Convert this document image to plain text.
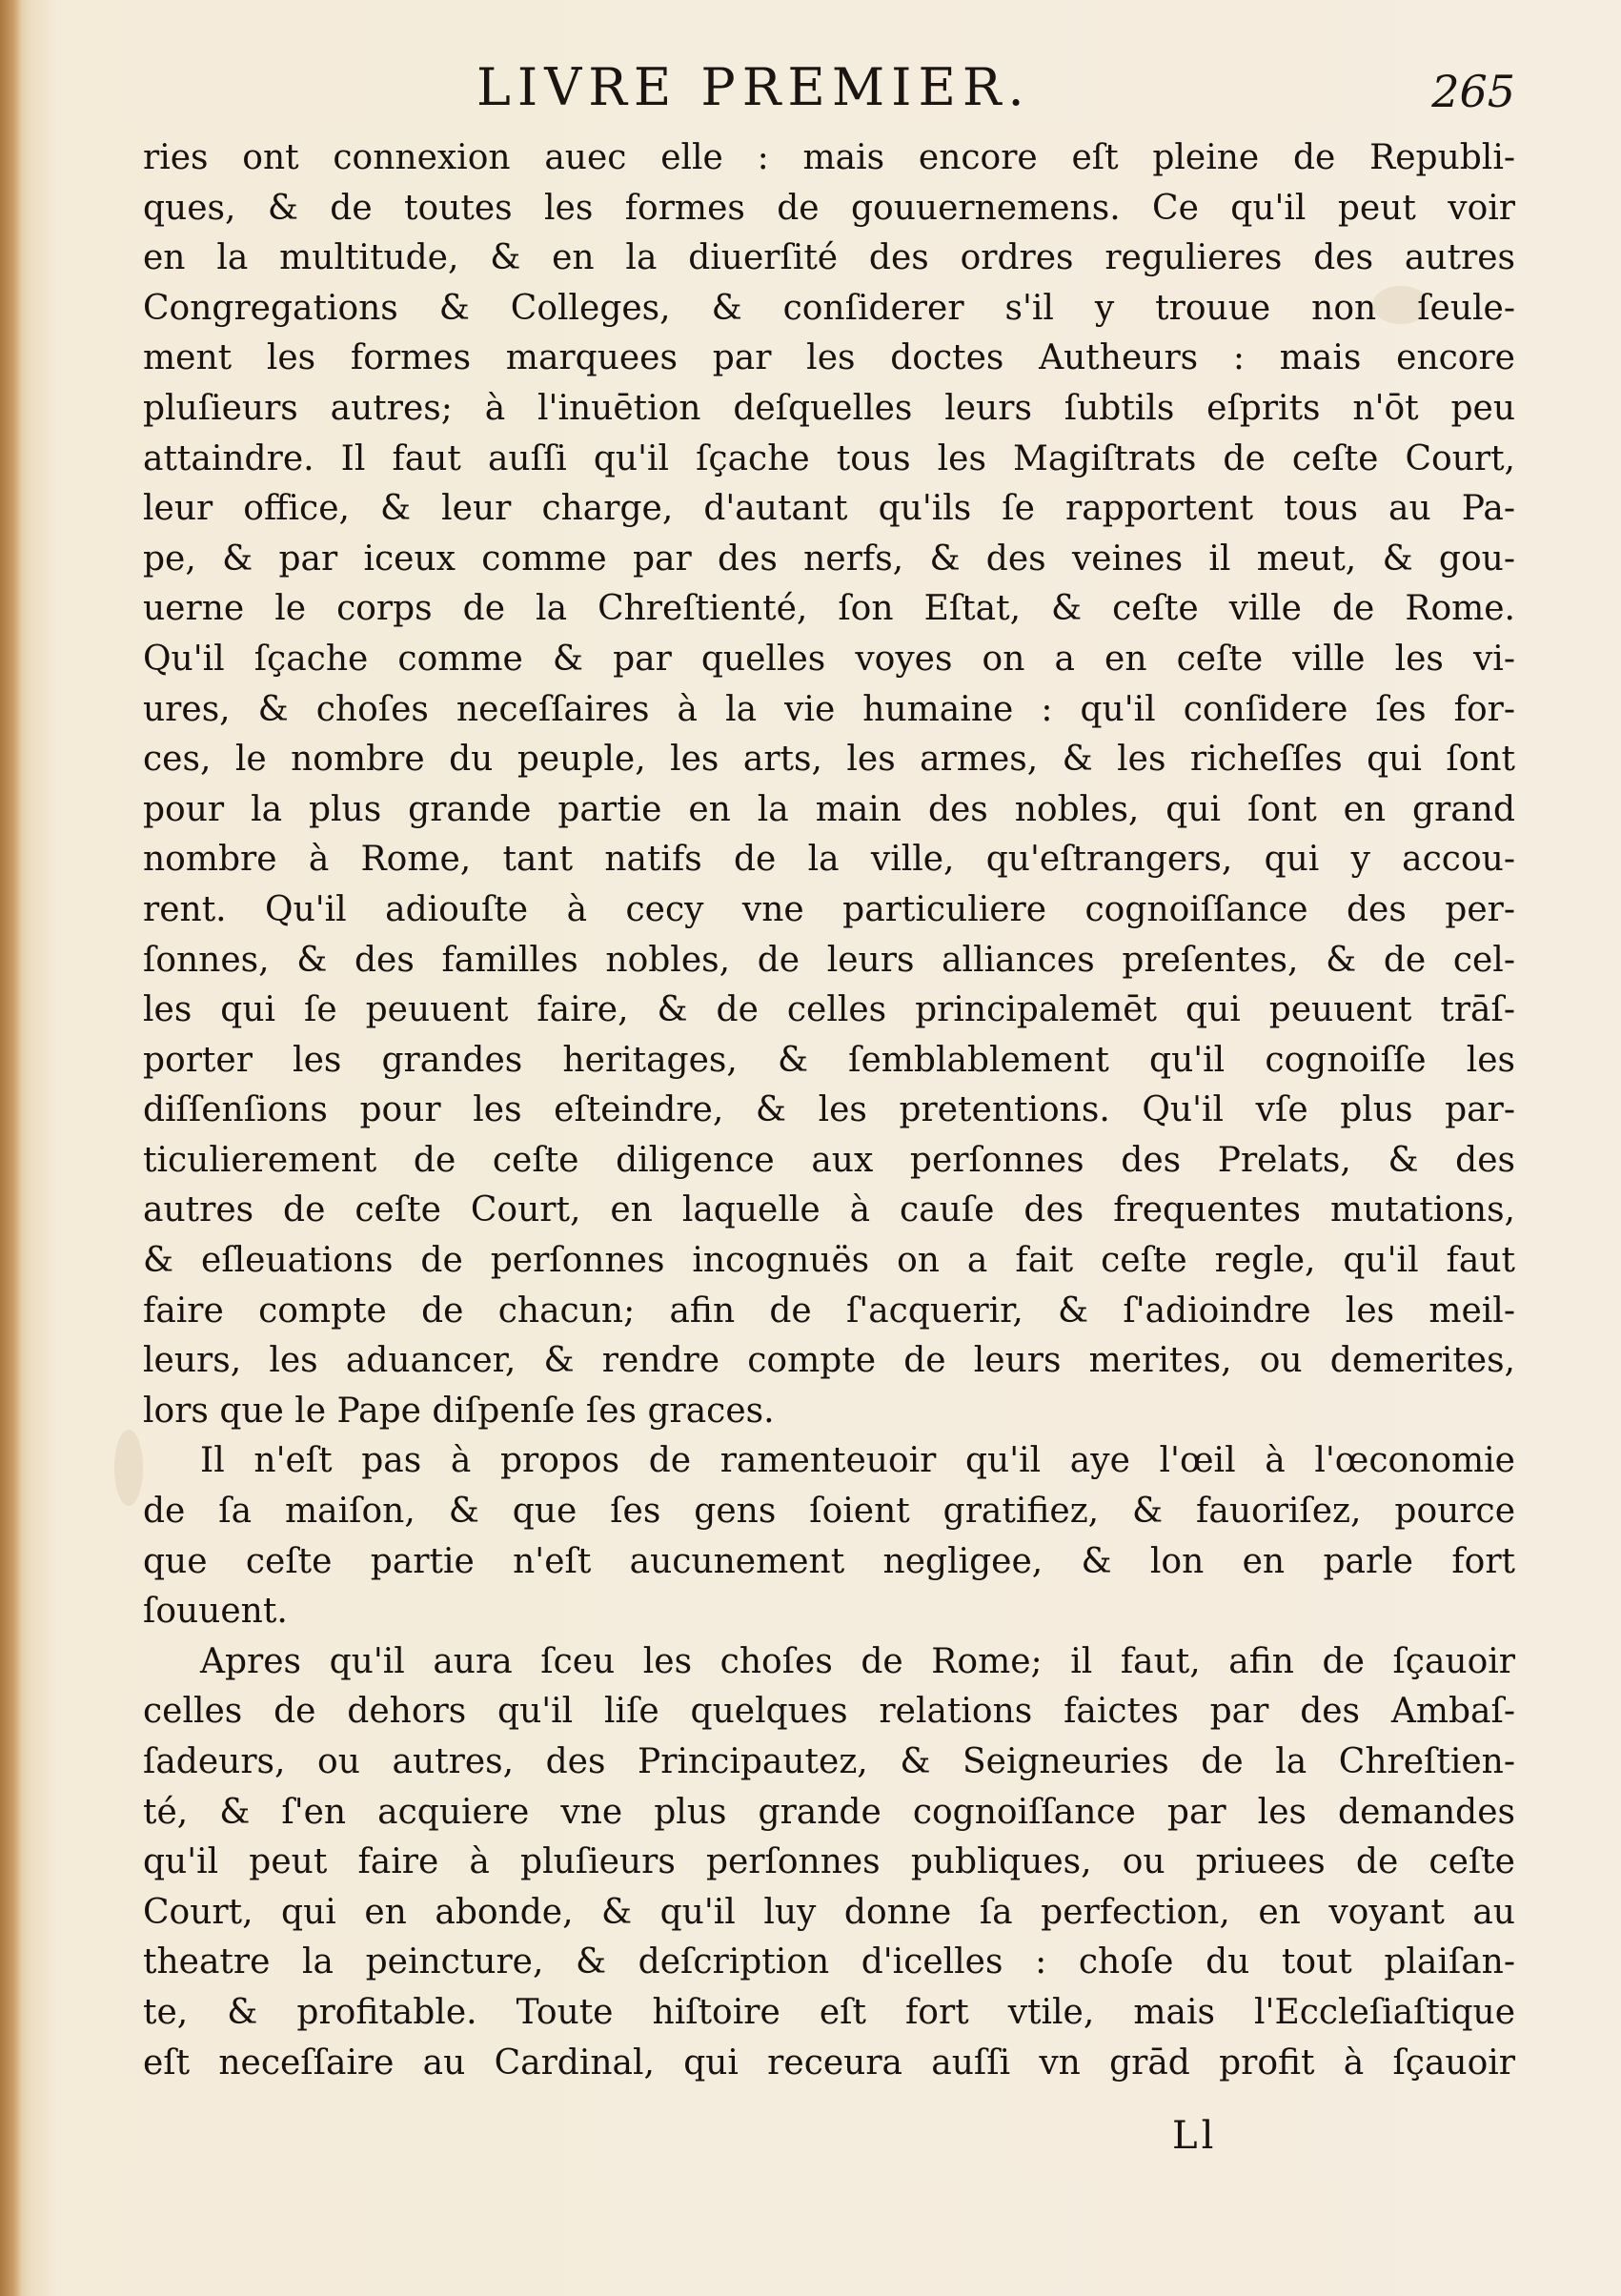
LIVRE PREMIER.	265
ries ont connexion auec elle : mais encore eſt pleine de Republi-
ques, & de toutes les formes de gouuernemens. Ce qu'il peut voir
en la multitude, & en la diuerſité des ordres regulieres des autres
Congregations & Colleges, & conſiderer s'il y trouue non ſeule-
ment les formes marquees par les doctes Autheurs : mais encore
pluſieurs autres; à l'inuētion deſquelles leurs ſubtils eſprits n'ōt peu
attaindre. Il faut auſſi qu'il ſçache tous les Magiſtrats de ceſte Court,
leur office, & leur charge, d'autant qu'ils ſe rapportent tous au Pa-
pe, & par iceux comme par des nerfs, & des veines il meut, & gou-
uerne le corps de la Chreſtienté, ſon Eſtat, & ceſte ville de Rome.
Qu'il ſçache comme & par quelles voyes on a en ceſte ville les vi-
ures, & choſes neceſſaires à la vie humaine : qu'il conſidere ſes for-
ces, le nombre du peuple, les arts, les armes, & les richeſſes qui ſont
pour la plus grande partie en la main des nobles, qui ſont en grand
nombre à Rome, tant natifs de la ville, qu'eſtrangers, qui y accou-
rent. Qu'il adiouſte à cecy vne particuliere cognoiſſance des per-
ſonnes, & des familles nobles, de leurs alliances preſentes, & de cel-
les qui ſe peuuent faire, & de celles principalemēt qui peuuent trāſ-
porter les grandes heritages, & ſemblablement qu'il cognoiſſe les
diſſenſions pour les eſteindre, & les pretentions. Qu'il vſe plus par-
ticulierement de ceſte diligence aux perſonnes des Prelats, & des
autres de ceſte Court, en laquelle à cauſe des frequentes mutations,
& eſleuations de perſonnes incognuës on a fait ceſte regle, qu'il faut
faire compte de chacun; afin de ſ'acquerir, & ſ'adioindre les meil-
leurs, les aduancer, & rendre compte de leurs merites, ou demerites,
lors que le Pape diſpenſe ſes graces.
Il n'eſt pas à propos de ramenteuoir qu'il aye l'œil à l'œconomie
de ſa maiſon, & que ſes gens ſoient gratifiez, & fauoriſez, pource
que ceſte partie n'eſt aucunement negligee, & lon en parle fort
ſouuent.
Apres qu'il aura ſceu les choſes de Rome; il faut, afin de ſçauoir
celles de dehors qu'il liſe quelques relations faictes par des Ambaſ-
ſadeurs, ou autres, des Principautez, & Seigneuries de la Chreſtien-
té, & ſ'en acquiere vne plus grande cognoiſſance par les demandes
qu'il peut faire à pluſieurs perſonnes publiques, ou priuees de ceſte
Court, qui en abonde, & qu'il luy donne ſa perfection, en voyant au
theatre la peincture, & deſcription d'icelles : choſe du tout plaiſan-
te, & profitable. Toute hiſtoire eſt fort vtile, mais l'Eccleſiaſtique
eſt neceſſaire au Cardinal, qui receura auſſi vn grād profit à ſçauoir
Ll
